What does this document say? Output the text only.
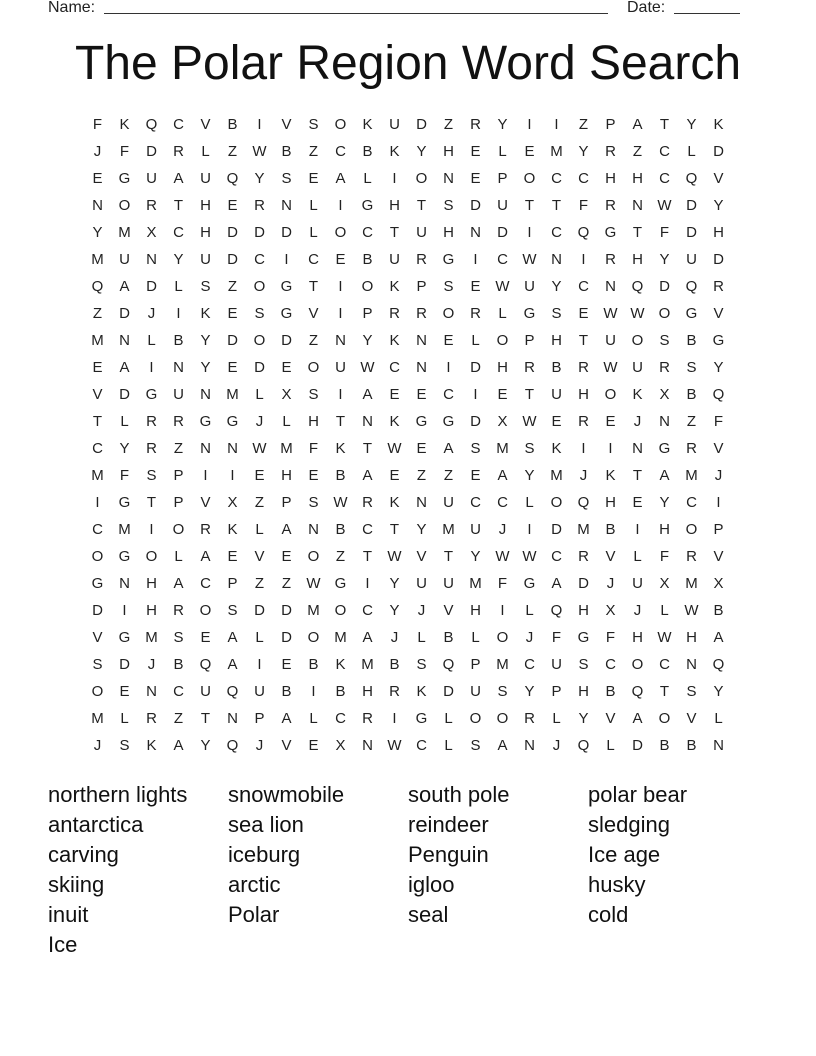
Name:	Date:
The Polar Region Word Search
F	K	Q	C	V	B	I	V	S	O	K	U	D	Z	R	Y	I	I	Z	P	A	T	Y	K
J	F	D	R	L	Z	W B	Z	C	B	K	Y	H	E	L	E	M	Y	R	Z	C	L	D
E	G	U	A	U	Q	Y	S	E	A	L	I	O	N	E	P	O	C	C	H	H	C	Q	V
N	O	R	T	H	E	R	N	L	I	G	H	T	S	D	U	T	T	F	R	N W D	Y
Y	M	X	C	H	D	D	D	L	O	C	T	U	H	N	D	I	C	Q	G	T	F	D	H
M	U	N	Y	U	D	C	I	C	E	B	U	R	G	I	C W N	I	R	H	Y	U	D
Q	A	D	L	S	Z	O	G	T	I	O	K	P	S	E W U	Y	C	N	Q	D	Q	R
Z	D	J	I	K	E	S	G	V	I	P	R	R	O	R	L	G	S	E W W O	G	V
M	N	L	B	Y	D	O	D	Z	N	Y	K	N	E	L	O	P	H	T	U	O	S	B	G
E	A	I	N	Y	E	D	E	O	U W C	N	I	D	H	R	B	R W U	R	S	Y
V	D	G	U	N	M	L	X	S	I	A	E	E	C	I	E	T	U	H	O	K	X	B	Q
T	L	R	R	G	G	J	L	H	T	N	K	G	G	D	X W E	R	E	J	N	Z	F
C	Y	R	Z	N	N W M	F	K	T	W E	A	S	M	S	K	I	I	N	G	R	V
M	F	S	P	I	I	E	H	E	B	A	E	Z	Z	E	A	Y	M	J	K	T	A	M	J
I	G	T	P	V	X	Z	P	S W R	K	N	U	C	C	L	O	Q	H	E	Y	C	I
C	M	I	O	R	K	L	A	N	B	C	T	Y	M	U	J	I	D	M	B	I	H	O	P
O	G	O	L	A	E	V	E	O	Z	T	W V	T	Y W W C	R	V	L	F	R	V
G	N	H	A	C	P	Z	Z	W G	I	Y	U	U	M	F	G	A	D	J	U	X	M	X
D	I	H	R	O	S	D	D	M O	C	Y	J	V	H	I	L	Q	H	X	J	L	W B
V	G M	S	E	A	L	D	O M	A	J	L	B	L	O	J	F	G	F	H W H	A
S	D	J	B	Q	A	I	E	B	K	M	B	S	Q	P	M	C	U	S	C	O	C	N	Q
O	E	N	C	U	Q	U	B	I	B	H	R	K	D	U	S	Y	P	H	B	Q	T	S	Y
M	L	R	Z	T	N	P	A	L	C	R	I	G	L	O	O	R	L	Y	V	A	O	V	L
J	S	K	A	Y	Q	J	V	E	X	N W C	L	S	A	N	J	Q	L	D	B	B	N
northern lights	snowmobile	south pole	polar bear
antarctica	sea lion	reindeer	sledging
carving	iceburg	Penguin	Ice age
skiing	arctic	igloo	husky
inuit	Polar	seal	cold
Ice
